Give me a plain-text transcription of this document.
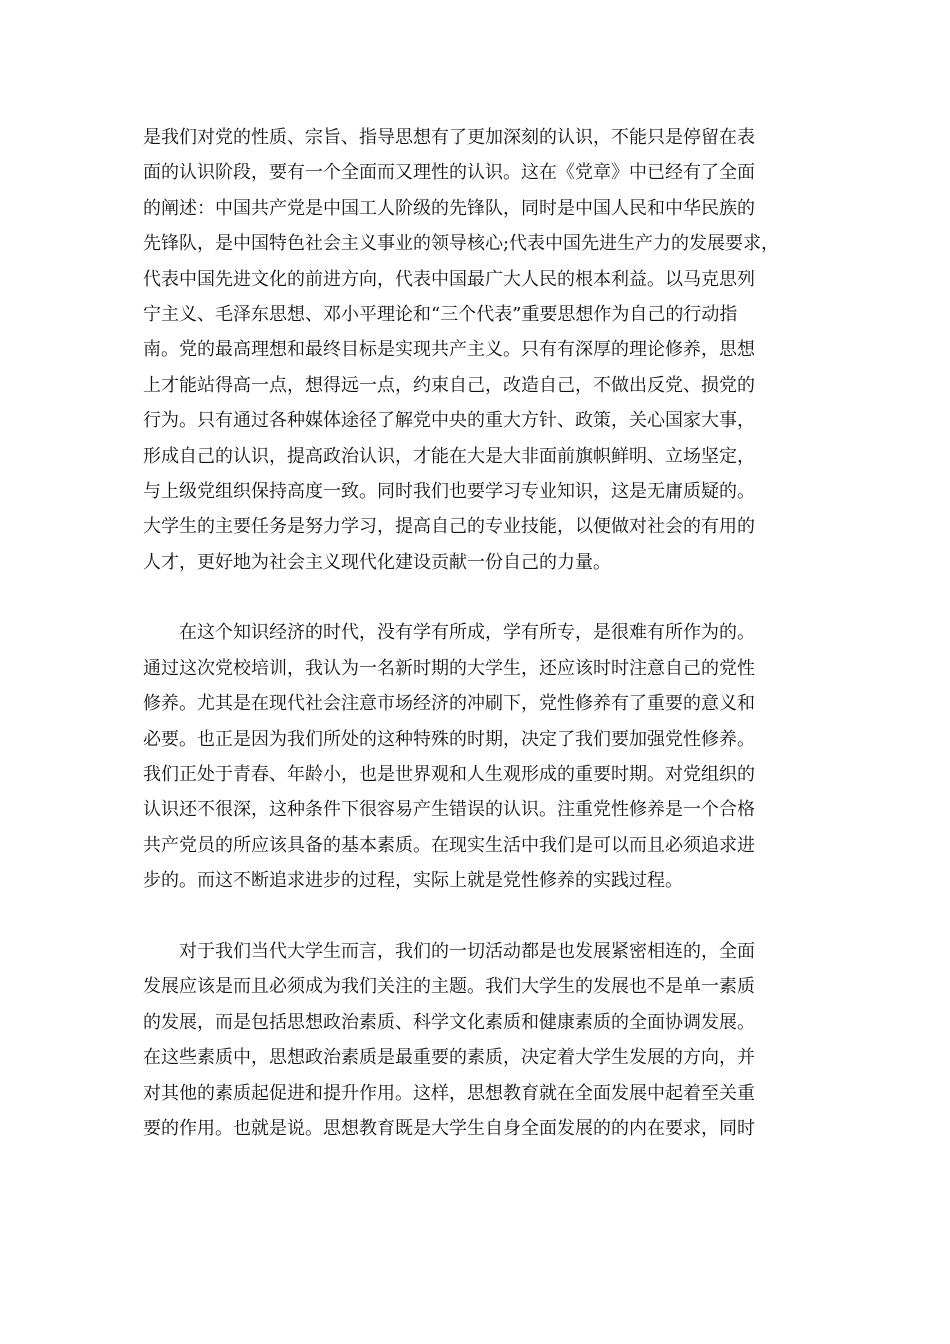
是我们对党的性质、宗旨、指导思想有了更加深刻的认识，不能只是停留在表
面的认识阶段，要有一个全面而又理性的认识。这在《党章》中已经有了全面
的阐述：中国共产党是中国工人阶级的先锋队，同时是中国人民和中华民族的
先锋队，是中国特色社会主义事业的领导核心;代表中国先进生产力的发展要求，
代表中国先进文化的前进方向，代表中国最广大人民的根本利益。以马克思列
宁主义、毛泽东思想、邓小平理论和“三个代表”重要思想作为自己的行动指
南。党的最高理想和最终目标是实现共产主义。只有有深厚的理论修养，思想
上才能站得高一点，想得远一点，约束自己，改造自己，不做出反党、损党的
行为。只有通过各种媒体途径了解党中央的重大方针、政策，关心国家大事，
形成自己的认识，提高政治认识，才能在大是大非面前旗帜鲜明、立场坚定，
与上级党组织保持高度一致。同时我们也要学习专业知识，这是无庸质疑的。
大学生的主要任务是努力学习，提高自己的专业技能，以便做对社会的有用的
人才，更好地为社会主义现代化建设贡献一份自己的力量。
　　在这个知识经济的时代，没有学有所成，学有所专，是很难有所作为的。
通过这次党校培训，我认为一名新时期的大学生，还应该时时注意自己的党性
修养。尤其是在现代社会注意市场经济的冲刷下，党性修养有了重要的意义和
必要。也正是因为我们所处的这种特殊的时期，决定了我们要加强党性修养。
我们正处于青春、年龄小，也是世界观和人生观形成的重要时期。对党组织的
认识还不很深，这种条件下很容易产生错误的认识。注重党性修养是一个合格
共产党员的所应该具备的基本素质。在现实生活中我们是可以而且必须追求进
步的。而这不断追求进步的过程，实际上就是党性修养的实践过程。
　　对于我们当代大学生而言，我们的一切活动都是也发展紧密相连的，全面
发展应该是而且必须成为我们关注的主题。我们大学生的发展也不是单一素质
的发展，而是包括思想政治素质、科学文化素质和健康素质的全面协调发展。
在这些素质中，思想政治素质是最重要的素质，决定着大学生发展的方向，并
对其他的素质起促进和提升作用。这样，思想教育就在全面发展中起着至关重
要的作用。也就是说。思想教育既是大学生自身全面发展的的内在要求，同时
